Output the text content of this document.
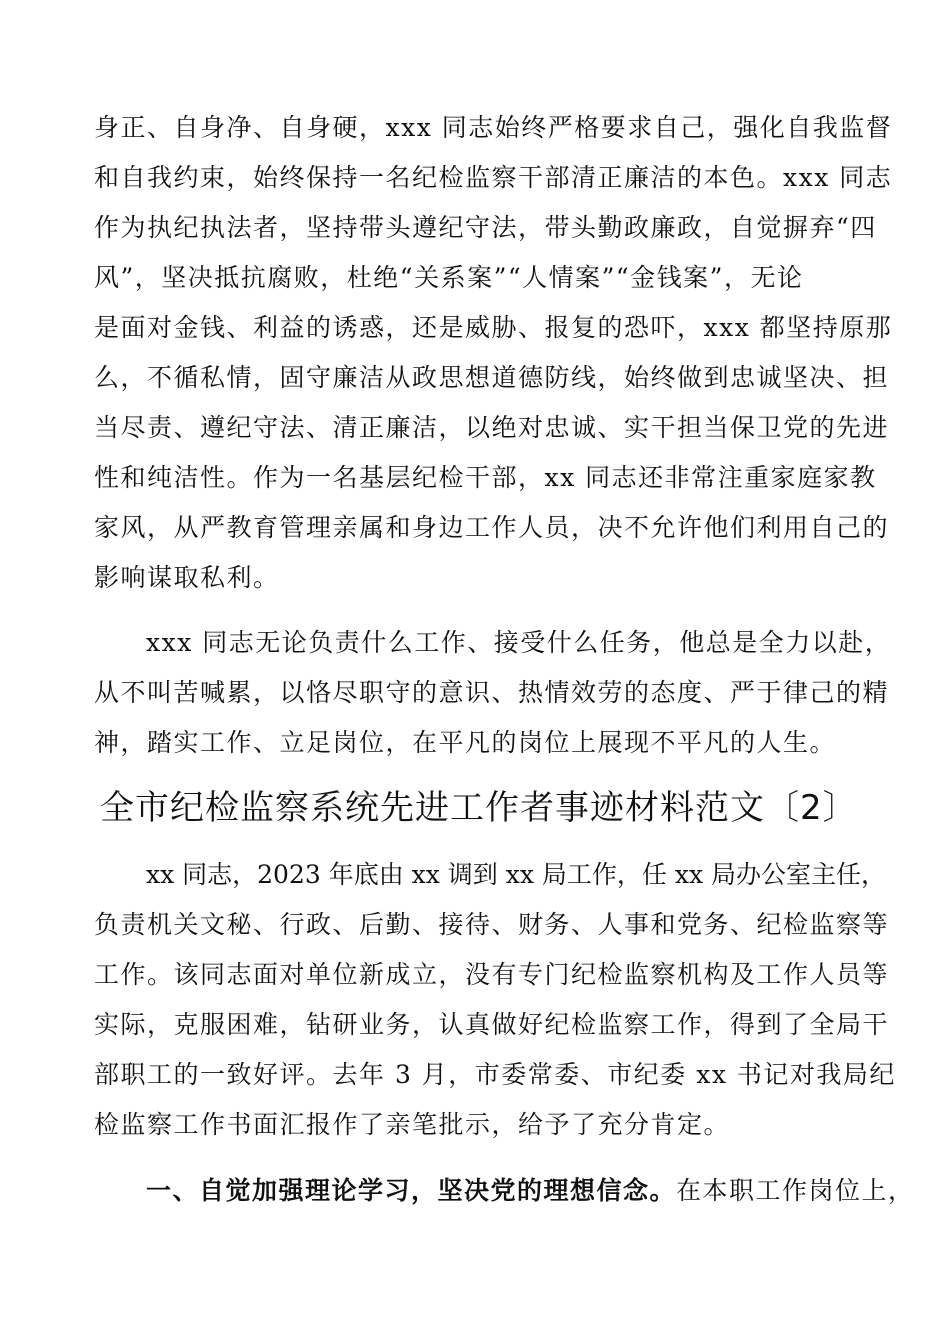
身正、自身净、自身硬，xxx 同志始终严格要求自己，强化自我监督
和自我约束，始终保持一名纪检监察干部清正廉洁的本色。xxx 同志
作为执纪执法者，坚持带头遵纪守法，带头勤政廉政，自觉摒弃“四
风”，坚决抵抗腐败，杜绝“关系案”“人情案”“金钱案”，无论
是面对金钱、利益的诱惑，还是威胁、报复的恐吓，xxx 都坚持原那
么，不循私情，固守廉洁从政思想道德防线，始终做到忠诚坚决、担
当尽责、遵纪守法、清正廉洁，以绝对忠诚、实干担当保卫党的先进
性和纯洁性。作为一名基层纪检干部，xx 同志还非常注重家庭家教
家风，从严教育管理亲属和身边工作人员，决不允许他们利用自己的
影响谋取私利。
xxx 同志无论负责什么工作、接受什么任务，他总是全力以赴，
从不叫苦喊累，以恪尽职守的意识、热情效劳的态度、严于律己的精
神，踏实工作、立足岗位，在平凡的岗位上展现不平凡的人生。
全市纪检监察系统先进工作者事迹材料范文〔2〕
xx 同志，2023 年底由 xx 调到 xx 局工作，任 xx 局办公室主任，
负责机关文秘、行政、后勤、接待、财务、人事和党务、纪检监察等
工作。该同志面对单位新成立，没有专门纪检监察机构及工作人员等
实际，克服困难，钻研业务，认真做好纪检监察工作，得到了全局干
部职工的一致好评。去年 3 月，市委常委、市纪委 xx 书记对我局纪
检监察工作书面汇报作了亲笔批示，给予了充分肯定。
一、自觉加强理论学习，坚决党的理想信念。在本职工作岗位上，
